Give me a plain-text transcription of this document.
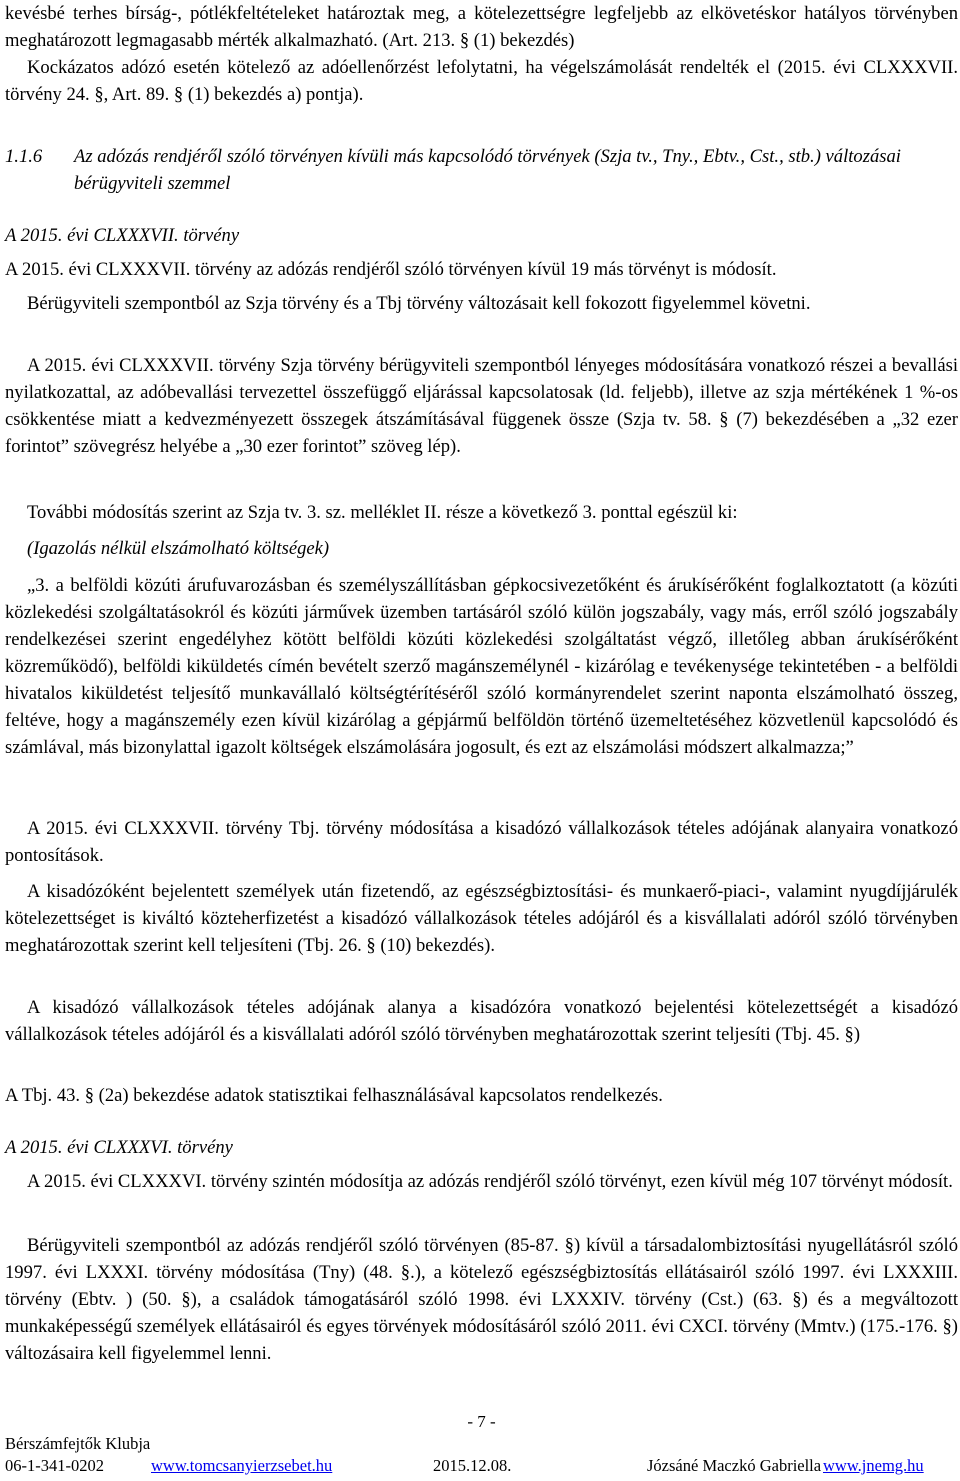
kevésbé terhes bírság-, pótlékfeltételeket határoztak meg, a kötelezettségre legfeljebb az elkövetéskor hatályos törvényben meghatározott legmagasabb mérték alkalmazható. (Art. 213. § (1) bekezdés)

Kockázatos adózó esetén kötelező az adóellenőrzést lefolytatni, ha végelszámolását rendelték el (2015. évi CLXXXVII. törvény 24. §, Art. 89. § (1) bekezdés a) pontja).

1.1.6 Az adózás rendjéről szóló törvényen kívüli más kapcsolódó törvények (Szja tv., Tny., Ebtv., Cst., stb.) változásai bérügyviteli szemmel

A 2015. évi CLXXXVII. törvény

A 2015. évi CLXXXVII. törvény az adózás rendjéről szóló törvényen kívül 19 más törvényt is módosít.

Bérügyviteli szempontból az Szja törvény és a Tbj törvény változásait kell fokozott figyelemmel követni.

A 2015. évi CLXXXVII. törvény Szja törvény bérügyviteli szempontból lényeges módosítására vonatkozó részei a bevallási nyilatkozattal, az adóbevallási tervezettel összefüggő eljárással kapcsolatosak (ld. feljebb), illetve az szja mértékének 1 %-os csökkentése miatt a kedvezményezett összegek átszámításával függenek össze (Szja tv. 58. § (7) bekezdésében a „32 ezer forintot” szövegrész helyébe a „30 ezer forintot” szöveg lép).

További módosítás szerint az Szja tv. 3. sz. melléklet II. része a következő 3. ponttal egészül ki:

(Igazolás nélkül elszámolható költségek)

„3. a belföldi közúti árufuvarozásban és személyszállításban gépkocsivezetőként és árukísérőként foglalkoztatott (a közúti közlekedési szolgáltatásokról és közúti járművek üzemben tartásáról szóló külön jogszabály, vagy más, erről szóló jogszabály rendelkezései szerint engedélyhez kötött belföldi közúti közlekedési szolgáltatást végző, illetőleg abban árukísérőként közreműködő), belföldi kiküldetés címén bevételt szerző magánszemélynél - kizárólag e tevékenysége tekintetében - a belföldi hivatalos kiküldetést teljesítő munkavállaló költségtérítéséről szóló kormányrendelet szerint naponta elszámolható összeg, feltéve, hogy a magánszemély ezen kívül kizárólag a gépjármű belföldön történő üzemeltetéséhez közvetlenül kapcsolódó és számlával, más bizonylattal igazolt költségek elszámolására jogosult, és ezt az elszámolási módszert alkalmazza;”

A 2015. évi CLXXXVII. törvény Tbj. törvény módosítása a kisadózó vállalkozások tételes adójának alanyaira vonatkozó pontosítások.

A kisadózóként bejelentett személyek után fizetendő, az egészségbiztosítási- és munkaerő-piaci-, valamint nyugdíjjárulék kötelezettséget is kiváltó közteherfizetést a kisadózó vállalkozások tételes adójáról és a kisvállalati adóról szóló törvényben meghatározottak szerint kell teljesíteni (Tbj. 26. § (10) bekezdés).

A kisadózó vállalkozások tételes adójának alanya a kisadózóra vonatkozó bejelentési kötelezettségét a kisadózó vállalkozások tételes adójáról és a kisvállalati adóról szóló törvényben meghatározottak szerint teljesíti (Tbj. 45. §)

A Tbj. 43. § (2a) bekezdése adatok statisztikai felhasználásával kapcsolatos rendelkezés.

A 2015. évi CLXXXVI. törvény

A 2015. évi CLXXXVI. törvény szintén módosítja az adózás rendjéről szóló törvényt, ezen kívül még 107 törvényt módosít.

Bérügyviteli szempontból az adózás rendjéről szóló törvényen (85-87. §) kívül a társadalombiztosítási nyugellátásról szóló 1997. évi LXXXI. törvény módosítása (Tny) (48. §.), a kötelező egészségbiztosítás ellátásairól szóló 1997. évi LXXXIII. törvény (Ebtv. ) (50. §), a családok támogatásáról szóló 1998. évi LXXXIV. törvény (Cst.) (63. §) és a megváltozott munkaképességű személyek ellátásairól és egyes törvények módosításáról szóló 2011. évi CXCI. törvény (Mmtv.) (175.-176. §) változásaira kell figyelemmel lenni.

- 7 -
Bérszámfejtők Klubja
06-1-341-0202	www.tomcsanyierzsebet.hu	2015.12.08.	Józsáné Maczkó Gabriella www.jnemg.hu
